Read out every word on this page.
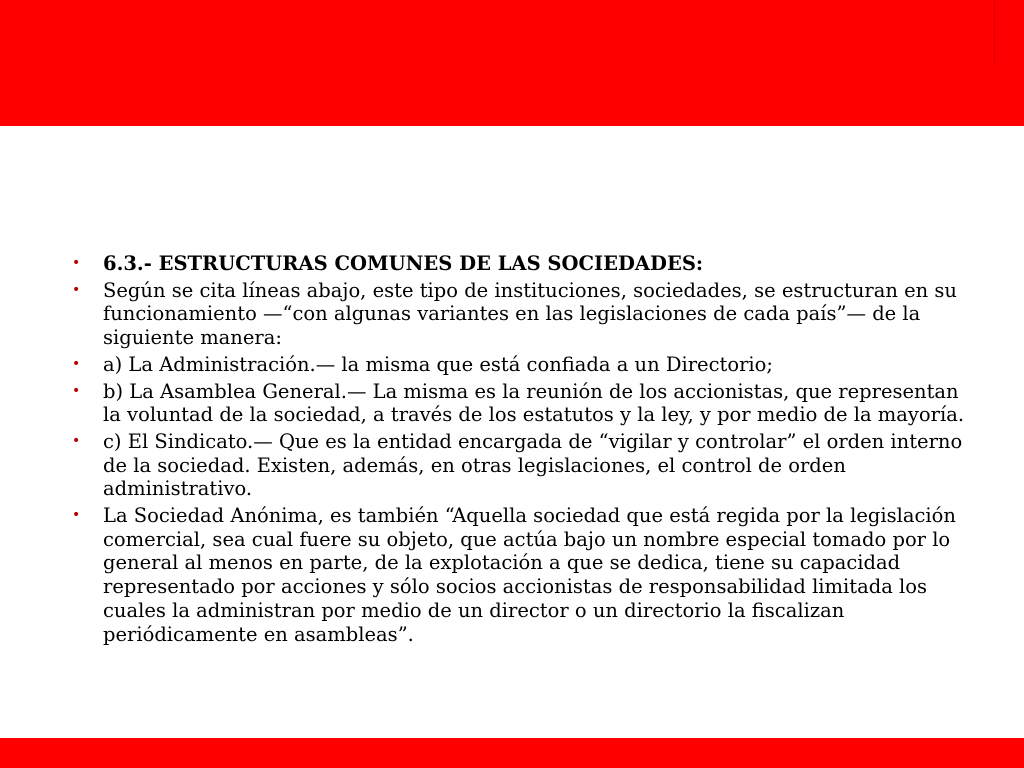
• 6.3.- ESTRUCTURAS COMUNES DE LAS SOCIEDADES:
• Según se cita líneas abajo, este tipo de instituciones, sociedades, se estructuran en su funcionamiento —“con algunas variantes en las legislaciones de cada país”— de la siguiente manera:
• a) La Administración.— la misma que está confiada a un Directorio;
• b) La Asamblea General.— La misma es la reunión de los accionistas, que representan la voluntad de la sociedad, a través de los estatutos y la ley, y por medio de la mayoría.
• c) El Sindicato.— Que es la entidad encargada de “vigilar y controlar” el orden interno de la sociedad. Existen, además, en otras legislaciones, el control de orden administrativo.
• La Sociedad Anónima, es también “Aquella sociedad que está regida por la legislación comercial, sea cual fuere su objeto, que actúa bajo un nombre especial tomado por lo general al menos en parte, de la explotación a que se dedica, tiene su capacidad representado por acciones y sólo socios accionistas de responsabilidad limitada los cuales la administran por medio de un director o un directorio la fiscalizan periódicamente en asambleas”.
